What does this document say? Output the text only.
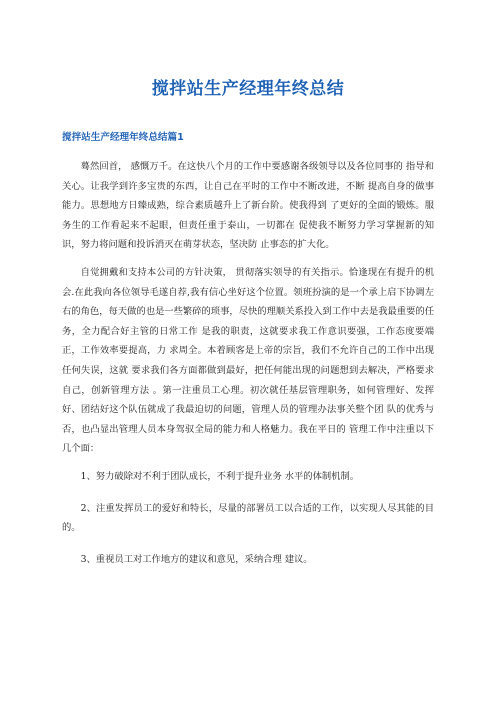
搅拌站生产经理年终总结
搅拌站生产经理年终总结篇1

蓦然回首， 感慨万千。在这快八个月的工作中要感谢各级领导以及各位同事的 指导和关心。让我学到许多宝贵的东西，让自己在平时的工作中不断改进，不断 提高自身的做事能力。思想地方日臻成熟，综合素质越升上了新台阶。使我得到 了更好的全面的锻炼。服务生的工作看起来不起眼，但责任重于泰山，一切都在 促使我不断努力学习掌握新的知识，努力将问题和投诉消灭在萌芽状态，坚决防 止事态的扩大化。

自觉拥戴和支持本公司的方针决策， 贯彻落实领导的有关指示。恰逢现在有提升的机会.在此我向各位领导毛遂自荐,我有信心坐好这个位置。领班扮演的是一个承上启下协调左右的角色，每天做的也是一些繁碎的琐事，尽快的理顺关系投入到工作中去是我最重要的任务，全力配合好主管的日常工作 是我的职责，这就要求我工作意识要强，工作态度要端正，工作效率要提高，力 求周全。本着顾客是上帝的宗旨，我们不允许自己的工作中出现任何失误，这就 要求我们各方面都做到最好，把任何能出现的问题想到去解决，严格要求自己，创新管理方法 。第一注重员工心理。初次就任基层管理职务，如何管理好、发挥好、团结好这个队伍就成了我最迫切的问题，管理人员的管理办法事关整个团 队的优秀与否，也凸显出管理人员本身驾驭全局的能力和人格魅力。我在平日的 管理工作中注重以下几个面：

1、努力破除对不利于团队成长，不利于提升业务 水平的体制机制。

2、注重发挥员工的爱好和特长，尽量的部署员工以合适的工作，以实现人尽其能的目的。

3、重视员工对工作地方的建议和意见，采纳合理 建议。
